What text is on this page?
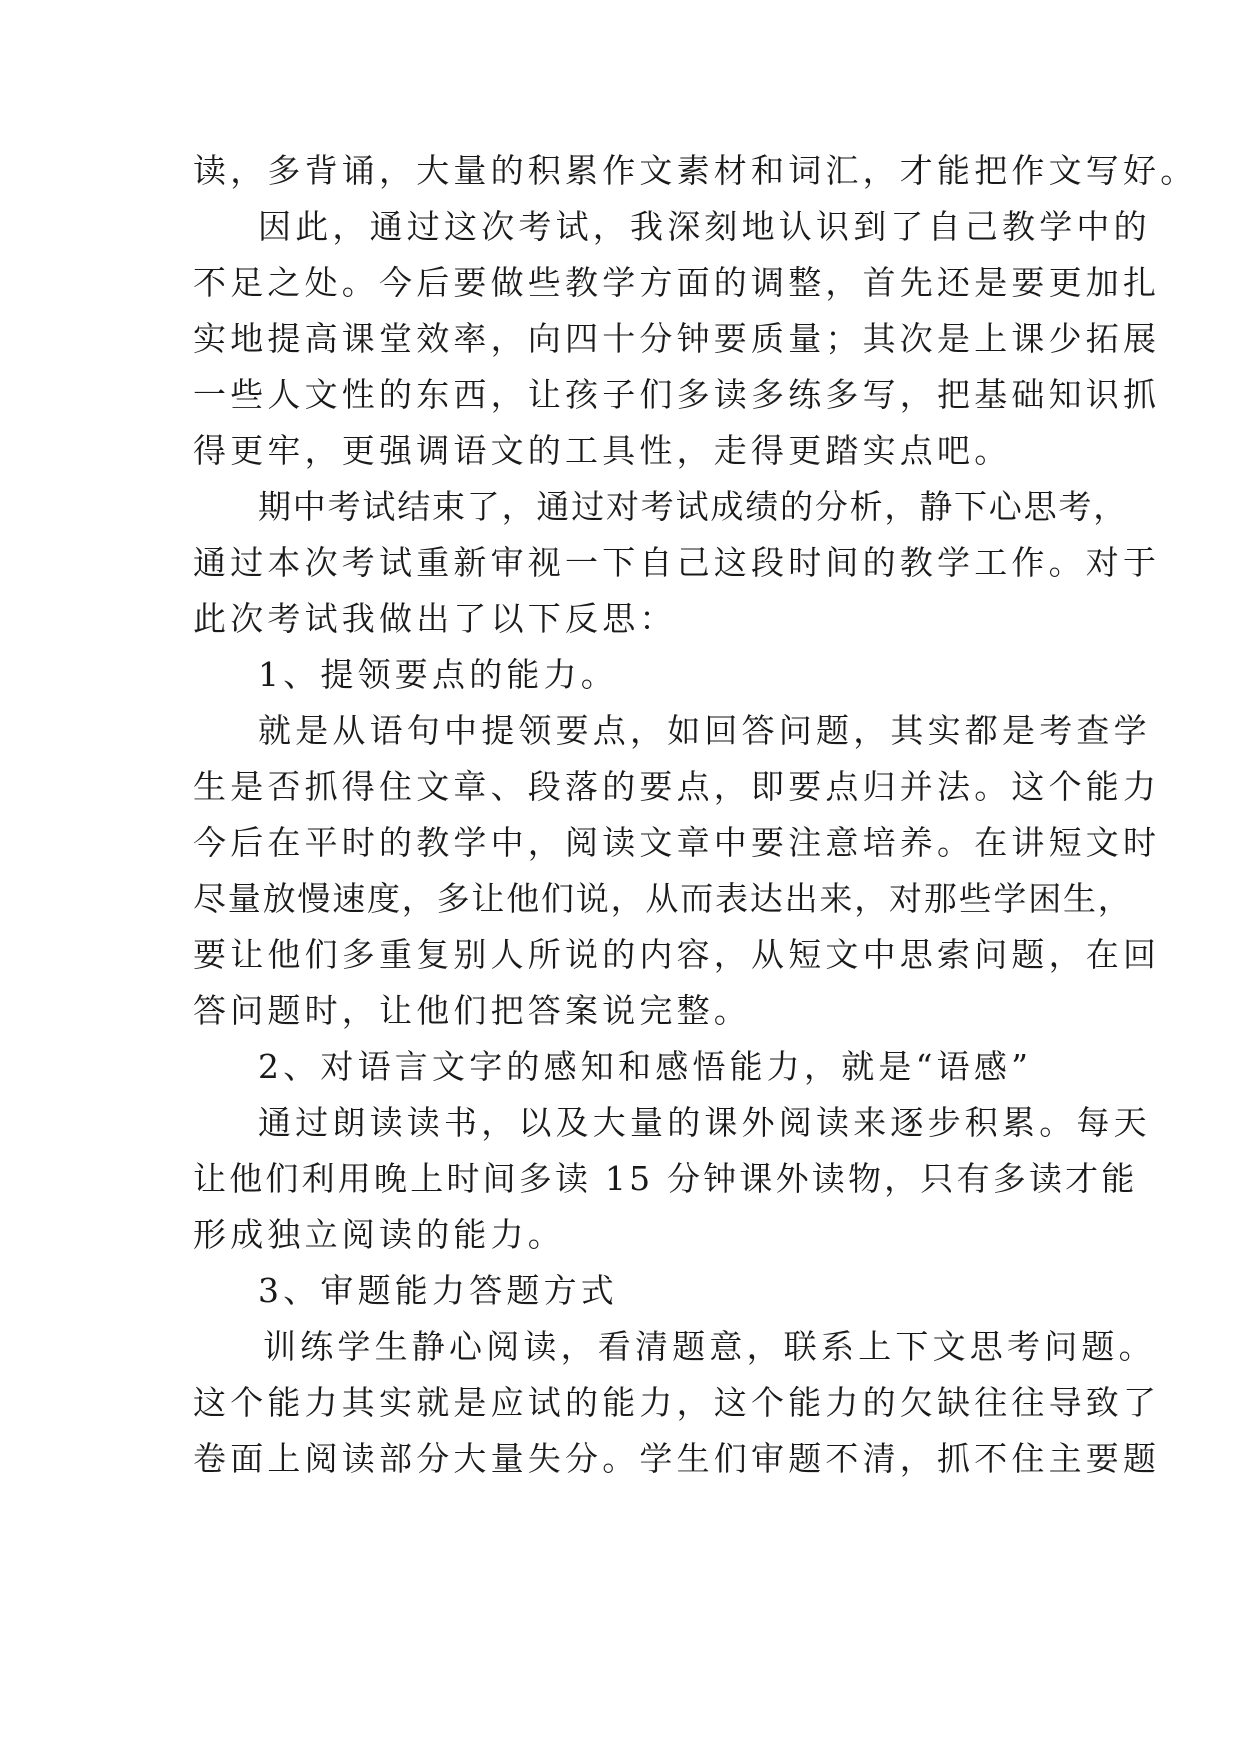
读，多背诵，大量的积累作文素材和词汇，才能把作文写好。
因此，通过这次考试，我深刻地认识到了自己教学中的
不足之处。今后要做些教学方面的调整，首先还是要更加扎
实地提高课堂效率，向四十分钟要质量；其次是上课少拓展
一些人文性的东西，让孩子们多读多练多写，把基础知识抓
得更牢，更强调语文的工具性，走得更踏实点吧。
期中考试结束了，通过对考试成绩的分析，静下心思考，
通过本次考试重新审视一下自己这段时间的教学工作。对于
此次考试我做出了以下反思：
1、提领要点的能力。
就是从语句中提领要点，如回答问题，其实都是考查学
生是否抓得住文章、段落的要点，即要点归并法。这个能力
今后在平时的教学中，阅读文章中要注意培养。在讲短文时
尽量放慢速度，多让他们说，从而表达出来，对那些学困生，
要让他们多重复别人所说的内容，从短文中思索问题，在回
答问题时，让他们把答案说完整。
2、对语言文字的感知和感悟能力，就是“语感”
通过朗读读书，以及大量的课外阅读来逐步积累。每天
让他们利用晚上时间多读 15 分钟课外读物，只有多读才能
形成独立阅读的能力。
3、审题能力答题方式
训练学生静心阅读，看清题意，联系上下文思考问题。
这个能力其实就是应试的能力，这个能力的欠缺往往导致了
卷面上阅读部分大量失分。学生们审题不清，抓不住主要题
